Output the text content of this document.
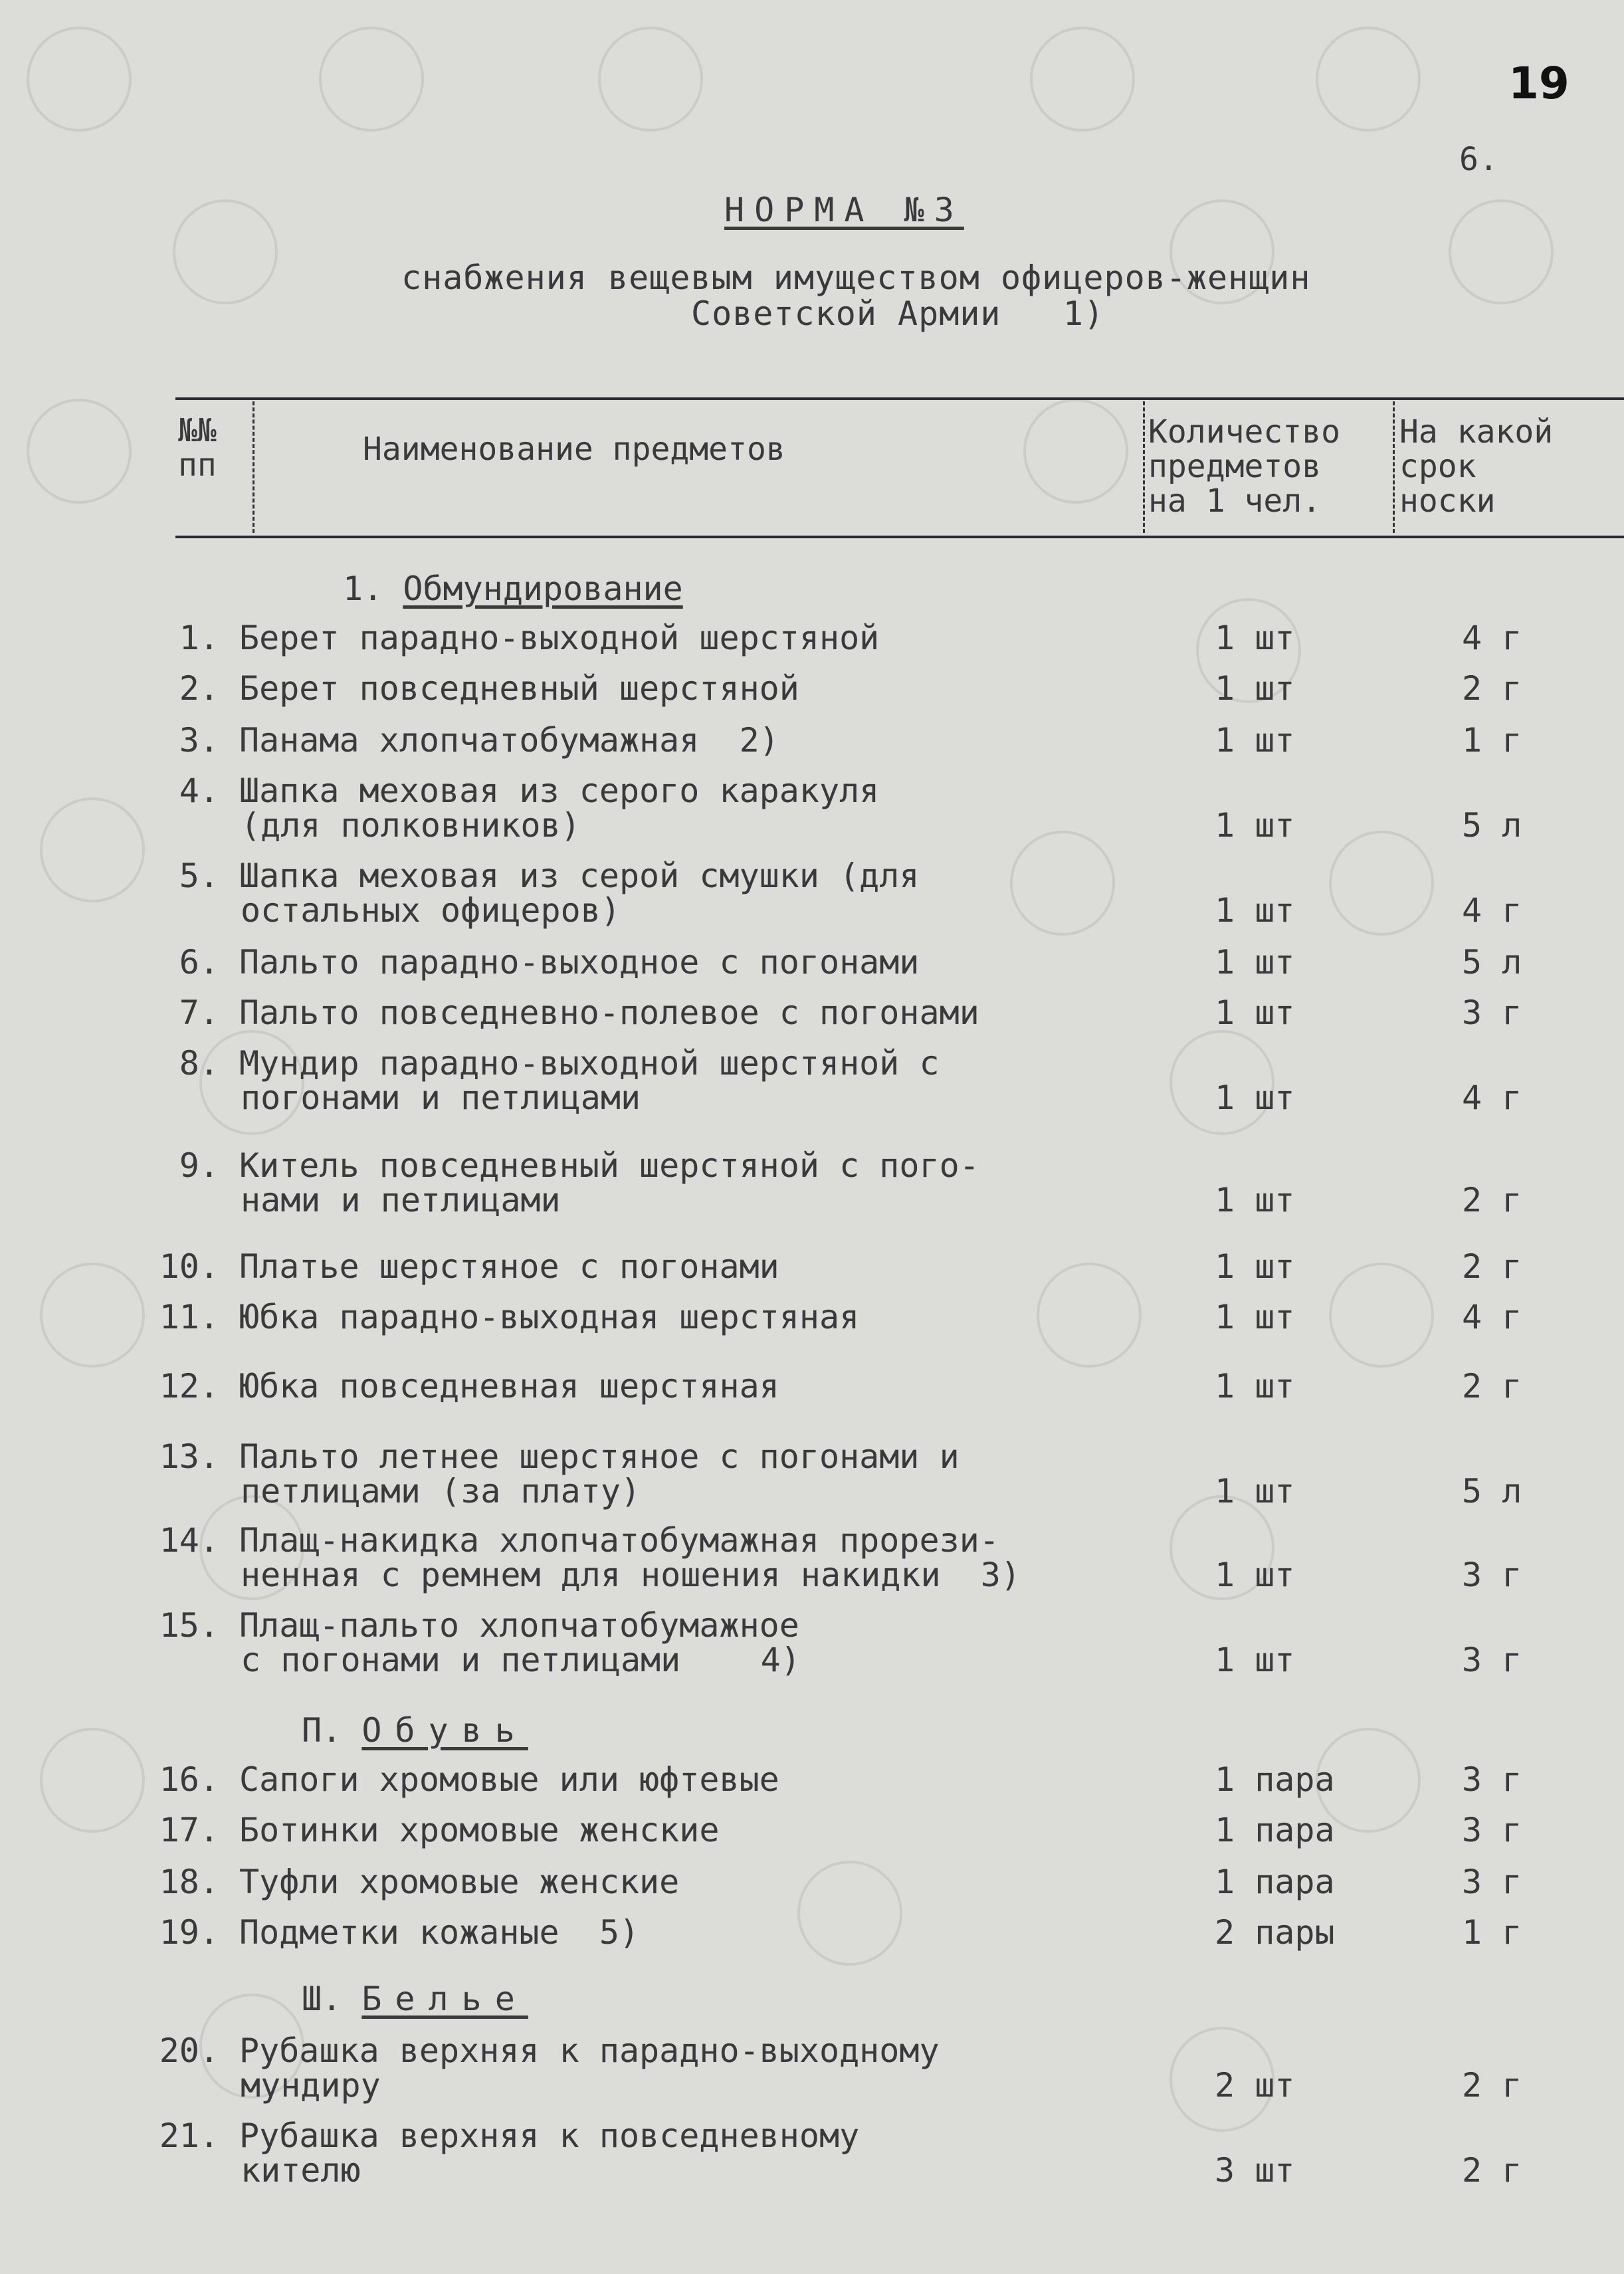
19
6.
НОРМА №3
снабжения вещевым имуществом офицеров-женщин
Советской Армии   1)
№№
пп	Наименование предметов	Количество
предметов
на 1 чел.
На какой
срок
носки
1. Обмундирование
П. Обувь
Ш. Белье
1. Берет парадно-выходной шерстяной	1 шт	4 г
2. Берет повседневный шерстяной	1 шт	2 г
3. Панама хлопчатобумажная  2)	1 шт	1 г
4. Шапка меховая из серого каракуля
(для полковников)	1 шт	5 л
5. Шапка меховая из серой смушки (для
остальных офицеров)	1 шт	4 г
6. Пальто парадно-выходное с погонами	1 шт	5 л
7. Пальто повседневно-полевое с погонами	1 шт	3 г
8. Мундир парадно-выходной шерстяной с
погонами и петлицами	1 шт	4 г
9. Китель повседневный шерстяной с пого-
нами и петлицами	1 шт	2 г
10. Платье шерстяное с погонами	1 шт	2 г
11. Юбка парадно-выходная шерстяная	1 шт	4 г
12. Юбка повседневная шерстяная	1 шт	2 г
13. Пальто летнее шерстяное с погонами и
петлицами (за плату)	1 шт	5 л
14. Плащ-накидка хлопчатобумажная прорези-
ненная с ремнем для ношения накидки  3)	1 шт	3 г
15. Плащ-пальто хлопчатобумажное
с погонами и петлицами    4)	1 шт	3 г
16. Сапоги хромовые или юфтевые	1 пара	3 г
17. Ботинки хромовые женские	1 пара	3 г
18. Туфли хромовые женские	1 пара	3 г
19. Подметки кожаные  5)	2 пары	1 г
20. Рубашка верхняя к парадно-выходному
мундиру	2 шт	2 г
21. Рубашка верхняя к повседневному
кителю	3 шт	2 г
